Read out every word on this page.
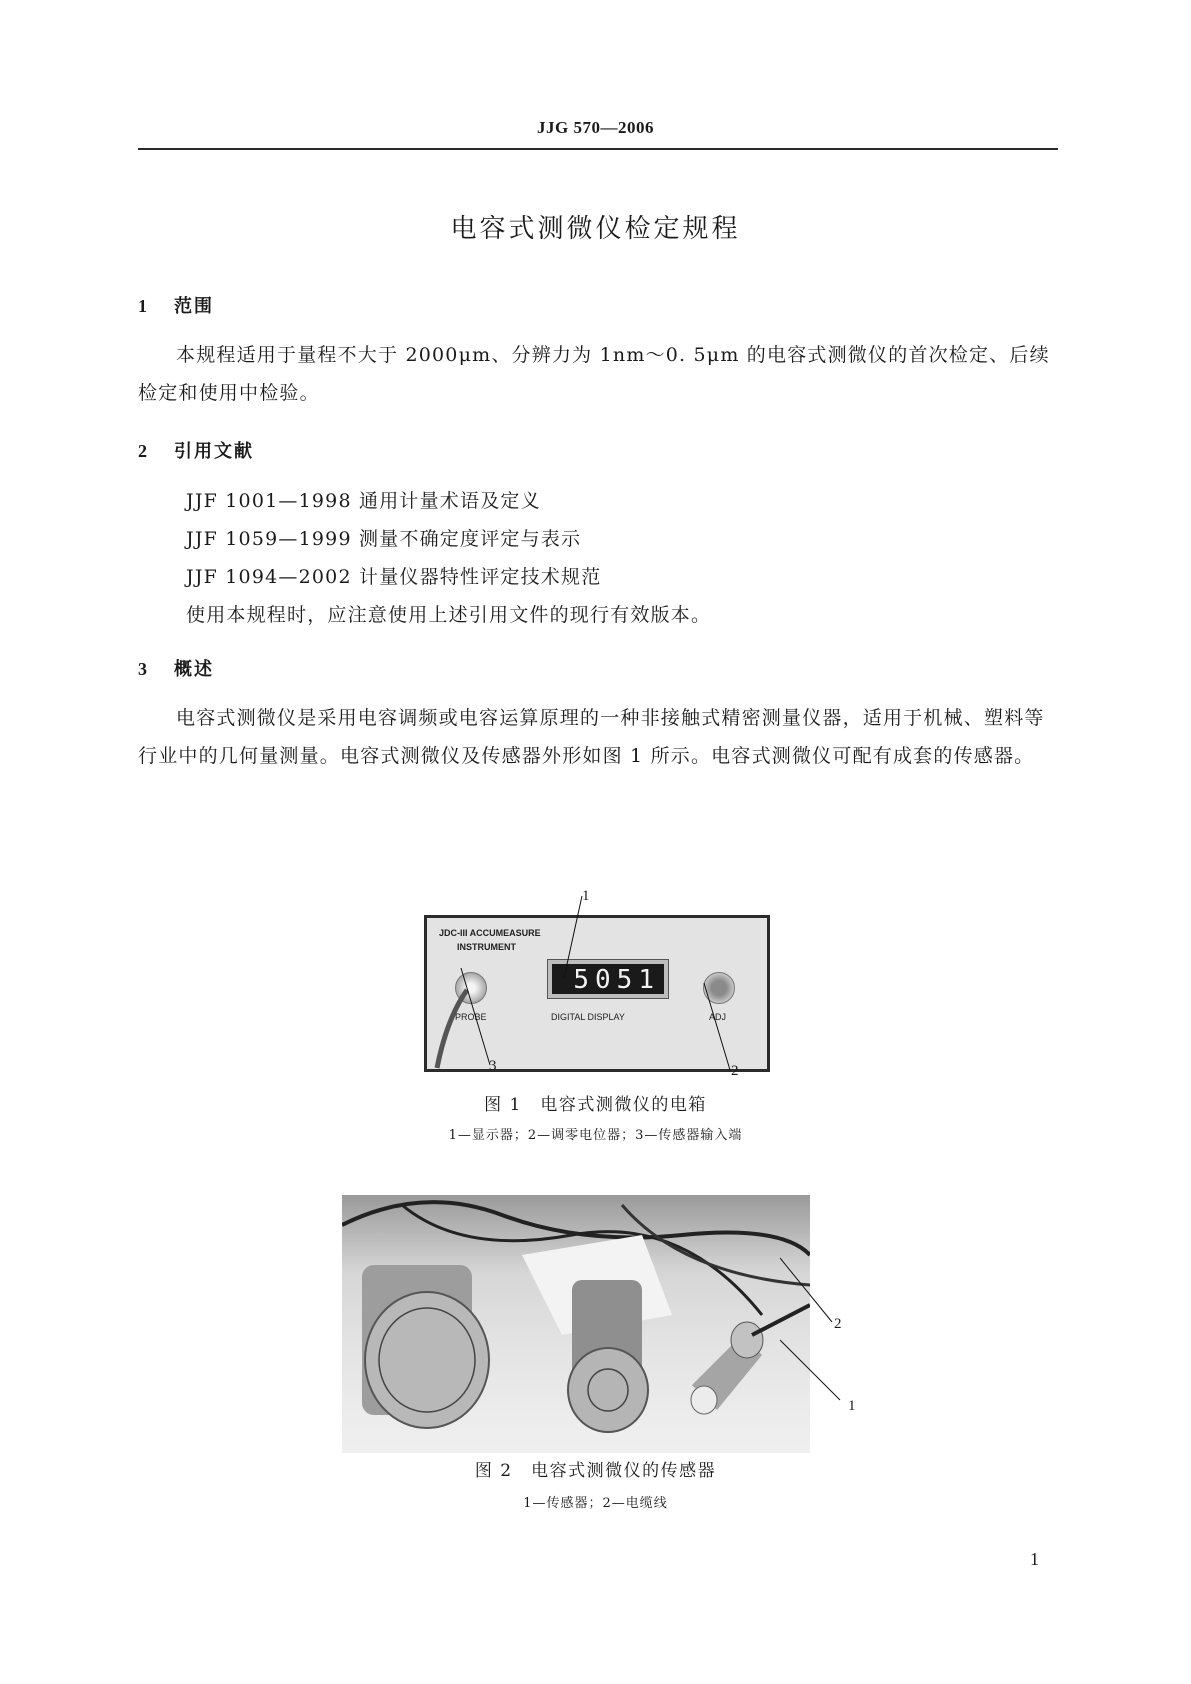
JJG 570—2006
电容式测微仪检定规程
1 范围
本规程适用于量程不大于 2000μm、分辨力为 1nm～0. 5μm 的电容式测微仪的首次检定、后续检定和使用中检验。
2 引用文献
JJF 1001—1998 通用计量术语及定义
JJF 1059—1999 测量不确定度评定与表示
JJF 1094—2002 计量仪器特性评定技术规范
使用本规程时，应注意使用上述引用文件的现行有效版本。
3 概述
电容式测微仪是采用电容调频或电容运算原理的一种非接触式精密测量仪器，适用于机械、塑料等行业中的几何量测量。电容式测微仪及传感器外形如图 1 所示。电容式测微仪可配有成套的传感器。
1
JDC-III ACCUMEASURE
INSTRUMENT
5051
DIGITAL DISPLAY
PROBE	ADJ
3	2
图 1　电容式测微仪的电箱
1—显示器；2—调零电位器；3—传感器输入端
2
1
图 2　电容式测微仪的传感器
1—传感器；2—电缆线
1
